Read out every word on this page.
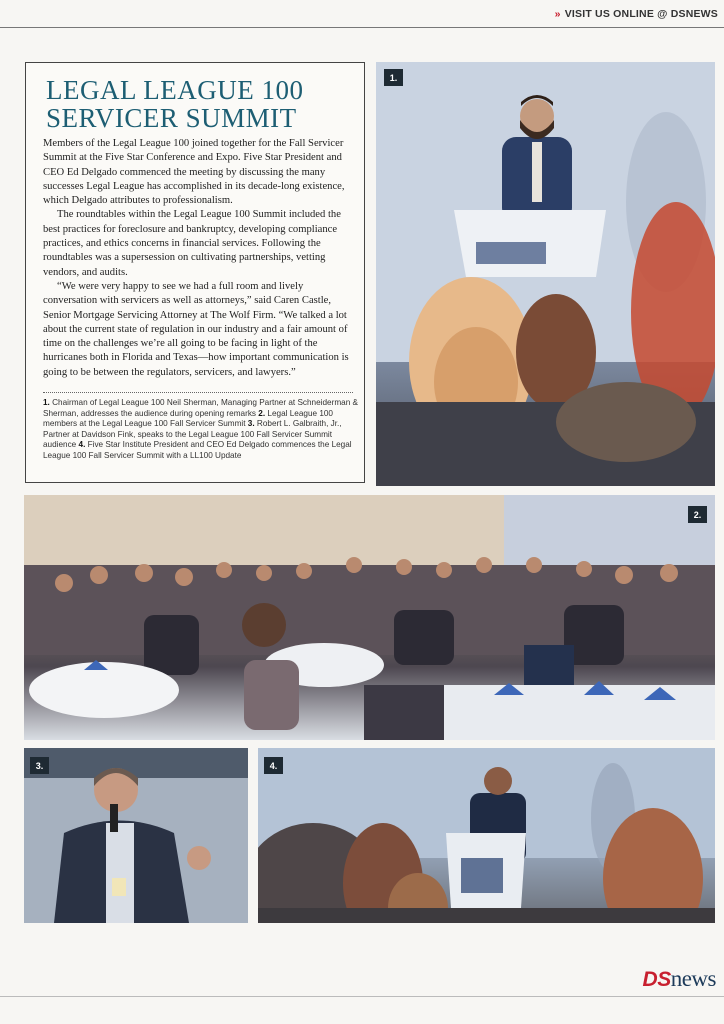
» VISIT US ONLINE @ DSNEWS
LEGAL LEAGUE 100 SERVICER SUMMIT

Members of the Legal League 100 joined together for the Fall Servicer Summit at the Five Star Conference and Expo. Five Star President and CEO Ed Delgado commenced the meeting by discussing the many successes Legal League has accomplished in its decade-long existence, which Delgado attributes to professionalism.

The roundtables within the Legal League 100 Summit included the best practices for foreclosure and bankruptcy, developing compliance practices, and ethics concerns in financial services. Following the roundtables was a supersession on cultivating partnerships, vetting vendors, and audits.

“We were very happy to see we had a full room and lively conversation with servicers as well as attorneys,” said Caren Castle, Senior Mortgage Servicing Attorney at The Wolf Firm. “We talked a lot about the current state of regulation in our industry and a fair amount of time on the challenges we’re all going to be facing in light of the hurricanes both in Florida and Texas—how important communication is going to be between the regulators, servicers, and lawyers.”

1. Chairman of Legal League 100 Neil Sherman, Managing Partner at Schneiderman & Sherman, addresses the audience during opening remarks 2. Legal League 100 members at the Legal League 100 Fall Servicer Summit 3. Robert L. Galbraith, Jr., Partner at Davidson Fink, speaks to the Legal League 100 Fall Servicer Summit audience 4. Five Star Institute President and CEO Ed Delgado commences the Legal League 100 Fall Servicer Summit with a LL100 Update
1.
2.
3.	4.
DSnews
